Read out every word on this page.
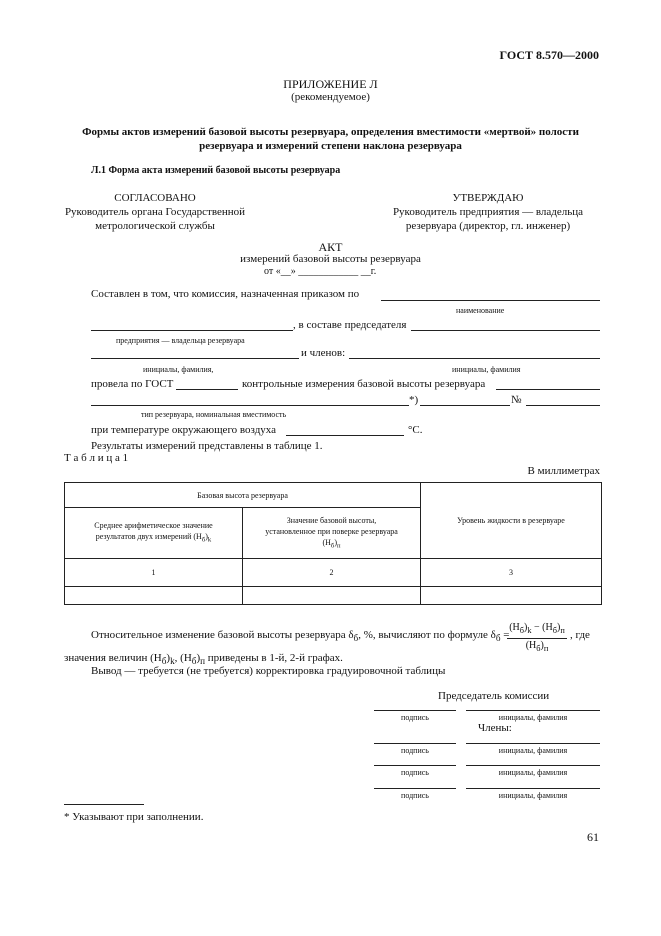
ГОСТ 8.570—2000
ПРИЛОЖЕНИЕ Л
(рекомендуемое)
Формы актов измерений базовой высоты резервуара, определения вместимости «мертвой» полости
резервуара и измерений степени наклона резервуара
Л.1 Форма акта измерений базовой высоты резервуара
СОГЛАСОВАНО
Руководитель органа Государственной
метрологической службы
УТВЕРЖДАЮ
Руководитель предприятия — владельца
резервуара (директор, гл. инженер)
АКТ
измерений базовой высоты резервуара
от «__» ____________ __г.
Составлен в том, что комиссия, назначенная приказом по
наименование
, в составе председателя
предприятия — владельца резервуара
и членов:
инициалы, фамилия,	инициалы, фамилия
провела по ГОСТ	контрольные измерения базовой высоты резервуара
*)	№
тип резервуара, номинальная вместимость
при температуре окружающего воздуха	°С.
Результаты измерений представлены в таблице 1.
Т а б л и ц а 1
В миллиметрах
Базовая высота резервуара		Уровень жидкости в резервуаре
Среднее арифметическое значение
результатов двух измерений $(H_б)_k$	Значение базовой высоты,
установленное при поверке резервуара
$(H_б)_п$
1	2	3

Относительное изменение базовой высоты резервуара $\delta_б$, %, вычисляют по формуле $\delta_б$ =
$(H_б)_k - (H_б)_п$
$(H_б)_п$
, где
значения величин $(H_б)_k$, $(H_б)_п$ приведены в 1-й, 2-й графах.
Вывод — требуется (не требуется) корректировка градуировочной таблицы
Председатель комиссии
подпись	инициалы, фамилия
Члены:
подпись	инициалы, фамилия
подпись	инициалы, фамилия
подпись	инициалы, фамилия
* Указывают при заполнении.
61
